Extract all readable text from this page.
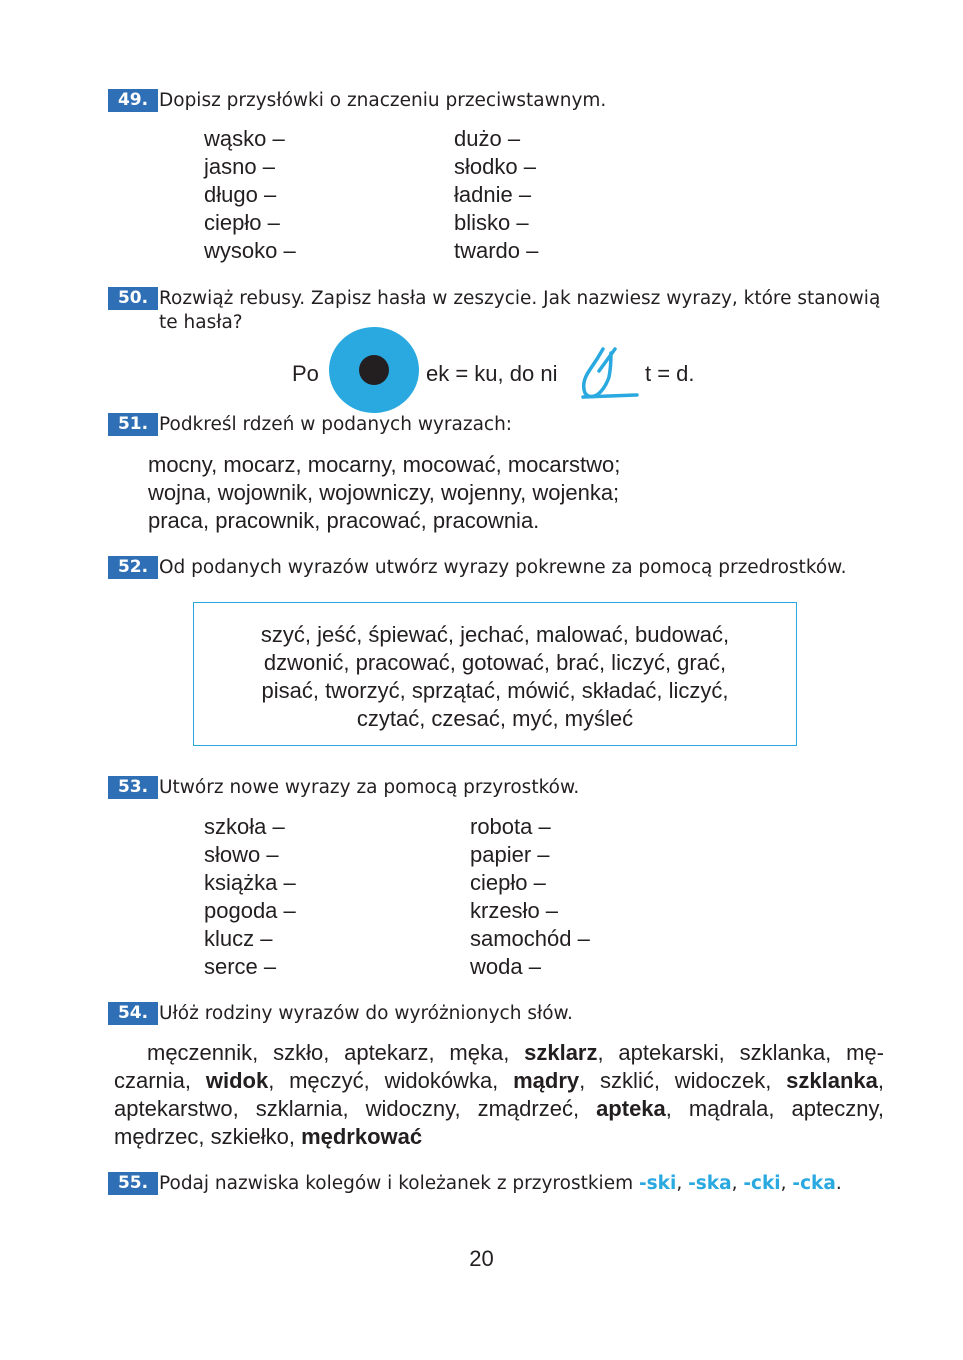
49. Dopisz przysłówki o znaczeniu przeciwstawnym.
wąsko –
jasno –
długo –
ciepło –
wysoko –
dużo –
słodko –
ładnie –
blisko –
twardo –
50. Rozwiąż rebusy. Zapisz hasła w zeszycie. Jak nazwiesz wyrazy, które stanowią te hasła?
Po	ek = ku, do ni	t = d.
51. Podkreśl rdzeń w podanych wyrazach:
mocny, mocarz, mocarny, mocować, mocarstwo;
wojna, wojownik, wojowniczy, wojenny, wojenka;
praca, pracownik, pracować, pracownia.
52. Od podanych wyrazów utwórz wyrazy pokrewne za pomocą przedrostków.
szyć, jeść, śpiewać, jechać, malować, budować,
dzwonić, pracować, gotować, brać, liczyć, grać,
pisać, tworzyć, sprzątać, mówić, składać, liczyć,
czytać, czesać, myć, myśleć
53. Utwórz nowe wyrazy za pomocą przyrostków.
szkoła –
słowo –
książka –
pogoda –
klucz –
serce –
robota –
papier –
ciepło –
krzesło –
samochód –
woda –
54. Ułóż rodziny wyrazów do wyróżnionych słów.
męczennik, szkło, aptekarz, męka, szklarz, aptekarski, szklanka, mę-czarnia, widok, męczyć, widokówka, mądry, szklić, widoczek, szklanka, aptekarstwo, szklarnia, widoczny, zmądrzeć, apteka, mądrala, apteczny, mędrzec, szkiełko, mędrkować
55. Podaj nazwiska kolegów i koleżanek z przyrostkiem -ski, -ska, -cki, -cka.
20
